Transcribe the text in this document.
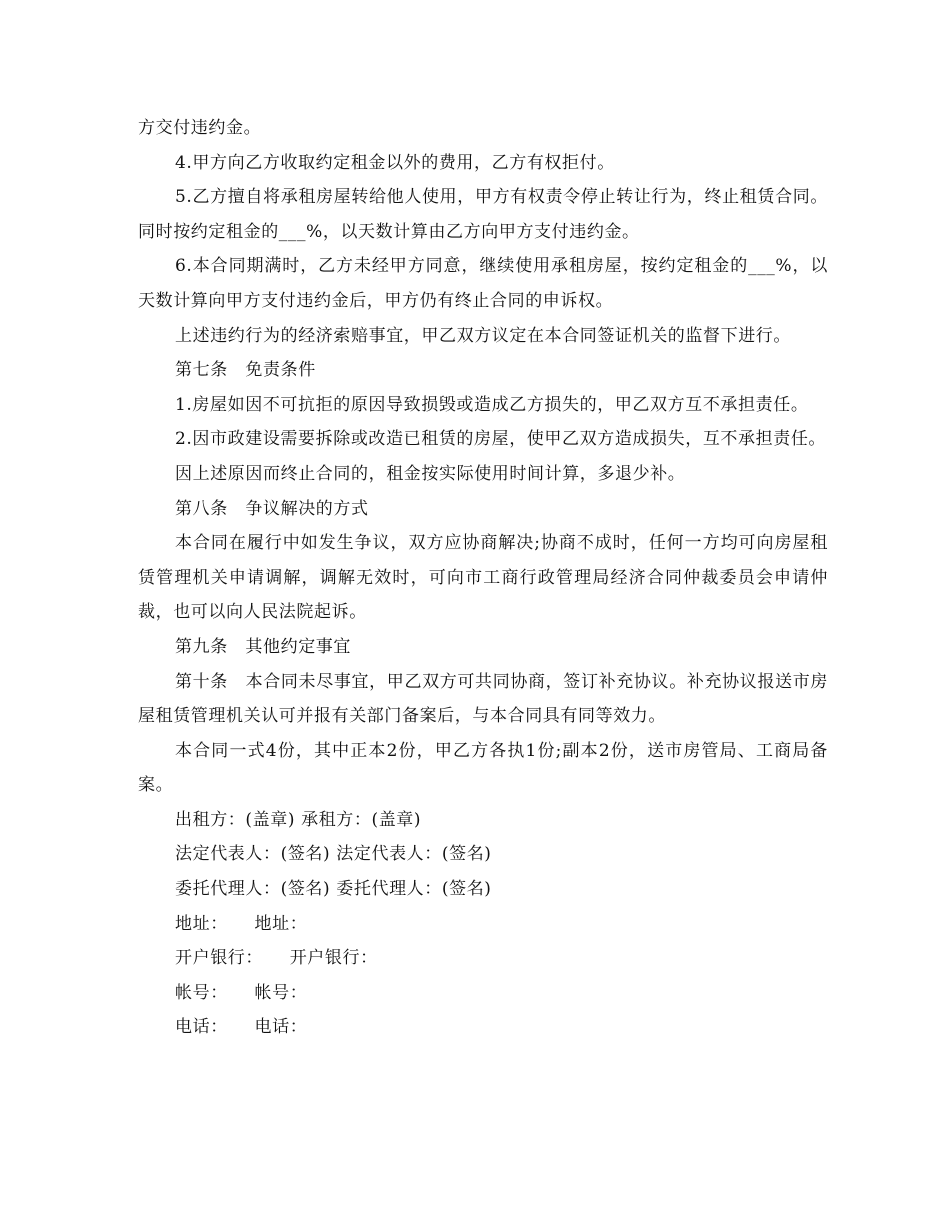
方交付违约金。

4.甲方向乙方收取约定租金以外的费用，乙方有权拒付。

5.乙方擅自将承租房屋转给他人使用，甲方有权责令停止转让行为，终止租赁合同。同时按约定租金的___%，以天数计算由乙方向甲方支付违约金。

6.本合同期满时，乙方未经甲方同意，继续使用承租房屋，按约定租金的___%，以天数计算向甲方支付违约金后，甲方仍有终止合同的申诉权。

上述违约行为的经济索赔事宜，甲乙双方议定在本合同签证机关的监督下进行。

第七条　免责条件

1.房屋如因不可抗拒的原因导致损毁或造成乙方损失的，甲乙双方互不承担责任。

2.因市政建设需要拆除或改造已租赁的房屋，使甲乙双方造成损失，互不承担责任。

因上述原因而终止合同的，租金按实际使用时间计算，多退少补。

第八条　争议解决的方式

本合同在履行中如发生争议，双方应协商解决;协商不成时，任何一方均可向房屋租赁管理机关申请调解，调解无效时，可向市工商行政管理局经济合同仲裁委员会申请仲裁，也可以向人民法院起诉。

第九条　其他约定事宜

第十条　本合同未尽事宜，甲乙双方可共同协商，签订补充协议。补充协议报送市房屋租赁管理机关认可并报有关部门备案后，与本合同具有同等效力。

本合同一式4份，其中正本2份，甲乙方各执1份;副本2份，送市房管局、工商局备案。

出租方：(盖章) 承租方：(盖章)

法定代表人：(签名) 法定代表人：(签名)

委托代理人：(签名) 委托代理人：(签名)

地址：　　地址：

开户银行：　　开户银行：

帐号：　　帐号：

电话：　　电话：
